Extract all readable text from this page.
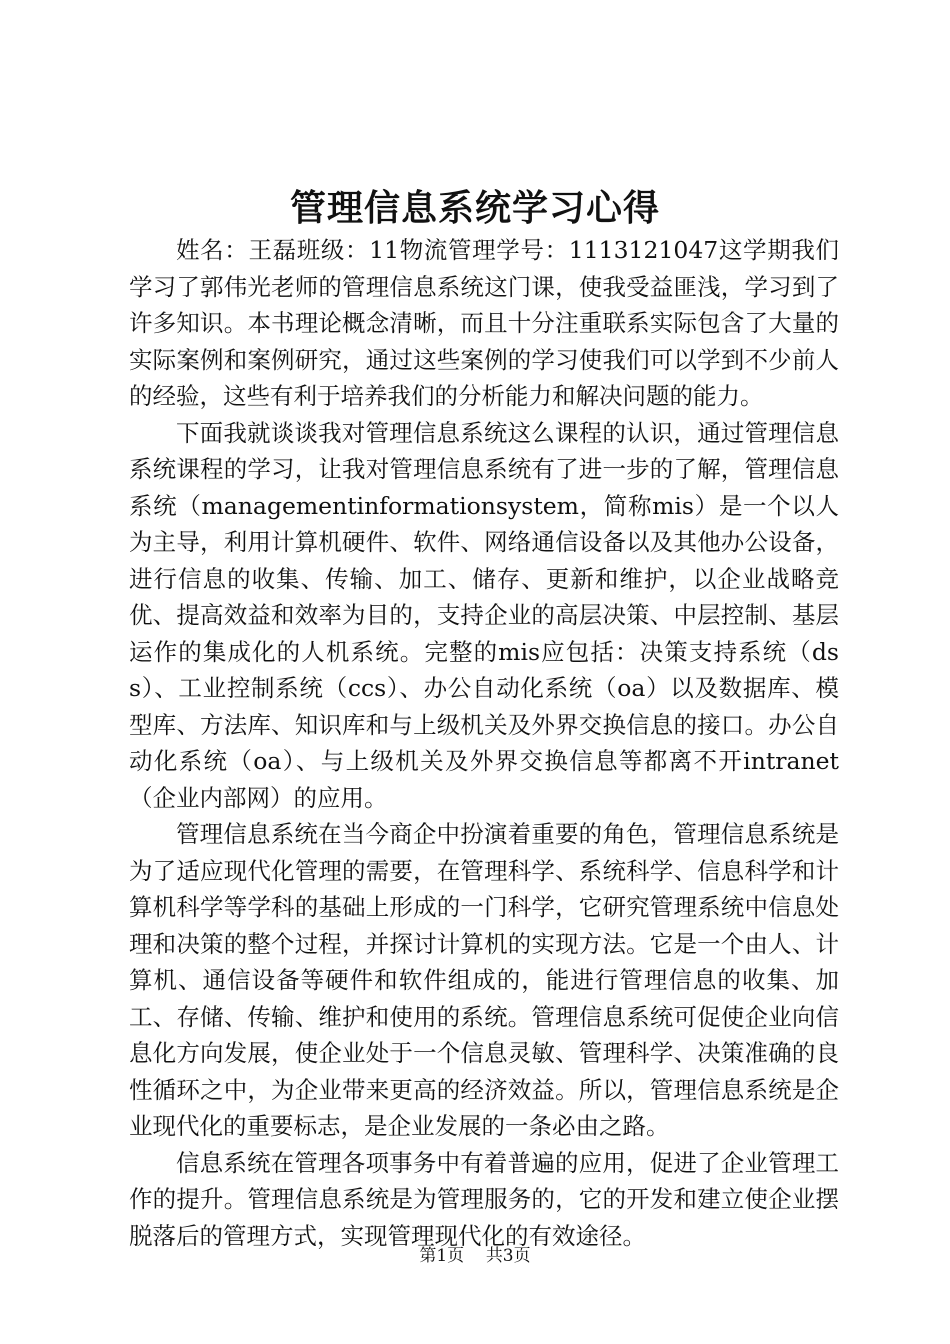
管理信息系统学习心得

姓名：王磊班级：11物流管理学号：1113121047这学期我们学习了郭伟光老师的管理信息系统这门课，使我受益匪浅，学习到了许多知识。本书理论概念清晰，而且十分注重联系实际包含了大量的实际案例和案例研究，通过这些案例的学习使我们可以学到不少前人的经验，这些有利于培养我们的分析能力和解决问题的能力。

下面我就谈谈我对管理信息系统这么课程的认识，通过管理信息系统课程的学习，让我对管理信息系统有了进一步的了解，管理信息系统（managementinformationsystem，简称mis）是一个以人为主导，利用计算机硬件、软件、网络通信设备以及其他办公设备，进行信息的收集、传输、加工、储存、更新和维护，以企业战略竞优、提高效益和效率为目的，支持企业的高层决策、中层控制、基层运作的集成化的人机系统。完整的mis应包括：决策支持系统（dss）、工业控制系统（ccs）、办公自动化系统（oa）以及数据库、模型库、方法库、知识库和与上级机关及外界交换信息的接口。办公自动化系统（oa）、与上级机关及外界交换信息等都离不开intranet（企业内部网）的应用。

管理信息系统在当今商企中扮演着重要的角色，管理信息系统是为了适应现代化管理的需要，在管理科学、系统科学、信息科学和计算机科学等学科的基础上形成的一门科学，它研究管理系统中信息处理和决策的整个过程，并探讨计算机的实现方法。它是一个由人、计算机、通信设备等硬件和软件组成的，能进行管理信息的收集、加工、存储、传输、维护和使用的系统。管理信息系统可促使企业向信息化方向发展，使企业处于一个信息灵敏、管理科学、决策准确的良性循环之中，为企业带来更高的经济效益。所以，管理信息系统是企业现代化的重要标志，是企业发展的一条必由之路。

信息系统在管理各项事务中有着普遍的应用，促进了企业管理工作的提升。管理信息系统是为管理服务的，它的开发和建立使企业摆脱落后的管理方式，实现管理现代化的有效途径。

第1页 共3页
